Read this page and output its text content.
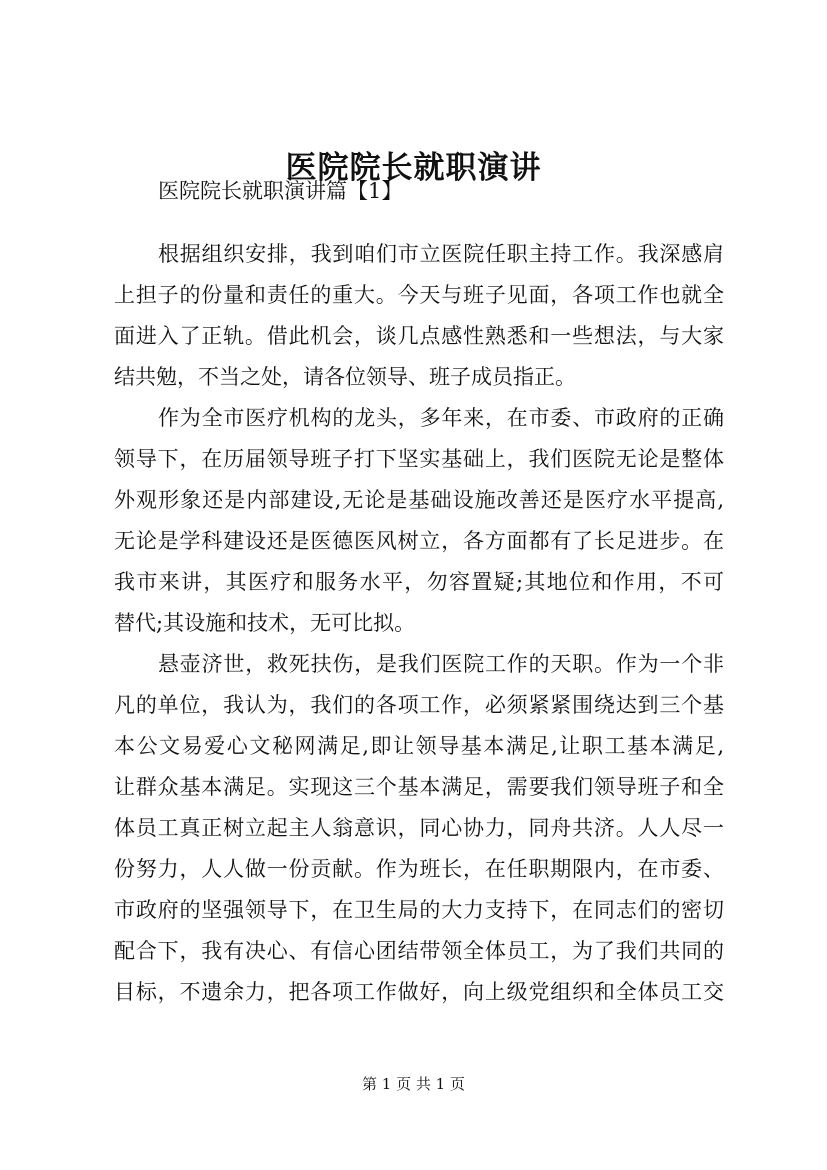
医院院长就职演讲
医院院长就职演讲篇【1】
根据组织安排，我到咱们市立医院任职主持工作。我深感肩
上担子的份量和责任的重大。今天与班子见面，各项工作也就全
面进入了正轨。借此机会，谈几点感性熟悉和一些想法，与大家
结共勉，不当之处，请各位领导、班子成员指正。
作为全市医疗机构的龙头，多年来，在市委、市政府的正确
领导下，在历届领导班子打下坚实基础上，我们医院无论是整体
外观形象还是内部建设,无论是基础设施改善还是医疗水平提高,
无论是学科建设还是医德医风树立，各方面都有了长足进步。在
我市来讲，其医疗和服务水平，勿容置疑;其地位和作用，不可
替代;其设施和技术，无可比拟。
悬壶济世，救死扶伤，是我们医院工作的天职。作为一个非
凡的单位，我认为，我们的各项工作，必须紧紧围绕达到三个基
本公文易爱心文秘网满足,即让领导基本满足,让职工基本满足,
让群众基本满足。实现这三个基本满足，需要我们领导班子和全
体员工真正树立起主人翁意识，同心协力，同舟共济。人人尽一
份努力，人人做一份贡献。作为班长，在任职期限内，在市委、
市政府的坚强领导下，在卫生局的大力支持下，在同志们的密切
配合下，我有决心、有信心团结带领全体员工，为了我们共同的
目标，不遗余力，把各项工作做好，向上级党组织和全体员工交
第 1 页 共 1 页
